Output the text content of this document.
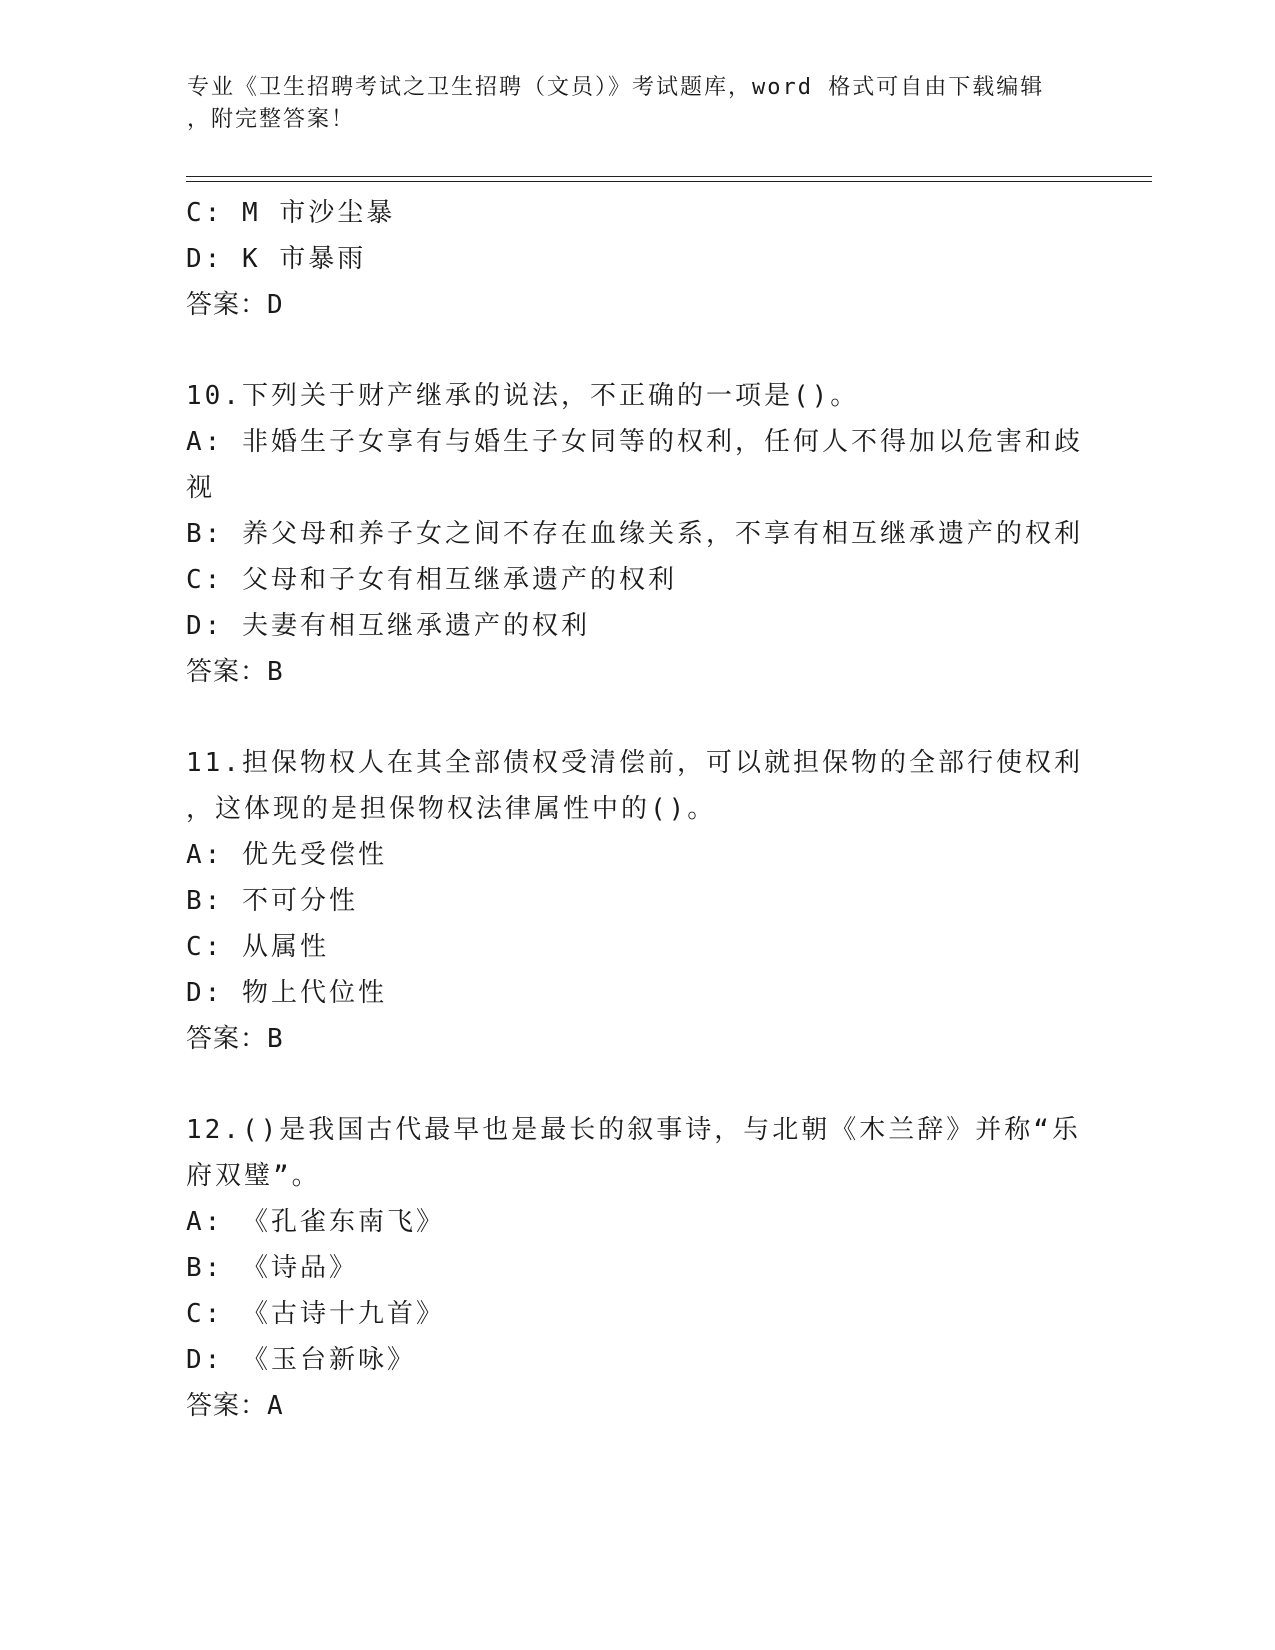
专业《卫生招聘考试之卫生招聘（文员）》考试题库，word 格式可自由下载编辑
，附完整答案！
C: M 市沙尘暴
D: K 市暴雨
答案：D
10.下列关于财产继承的说法，不正确的一项是()。
A: 非婚生子女享有与婚生子女同等的权利，任何人不得加以危害和歧
视
B: 养父母和养子女之间不存在血缘关系，不享有相互继承遗产的权利
C: 父母和子女有相互继承遗产的权利
D: 夫妻有相互继承遗产的权利
答案：B
11.担保物权人在其全部债权受清偿前，可以就担保物的全部行使权利
，这体现的是担保物权法律属性中的()。
A: 优先受偿性
B: 不可分性
C: 从属性
D: 物上代位性
答案：B
12.()是我国古代最早也是最长的叙事诗，与北朝《木兰辞》并称“乐
府双璧”。
A: 《孔雀东南飞》
B: 《诗品》
C: 《古诗十九首》
D: 《玉台新咏》
答案：A
